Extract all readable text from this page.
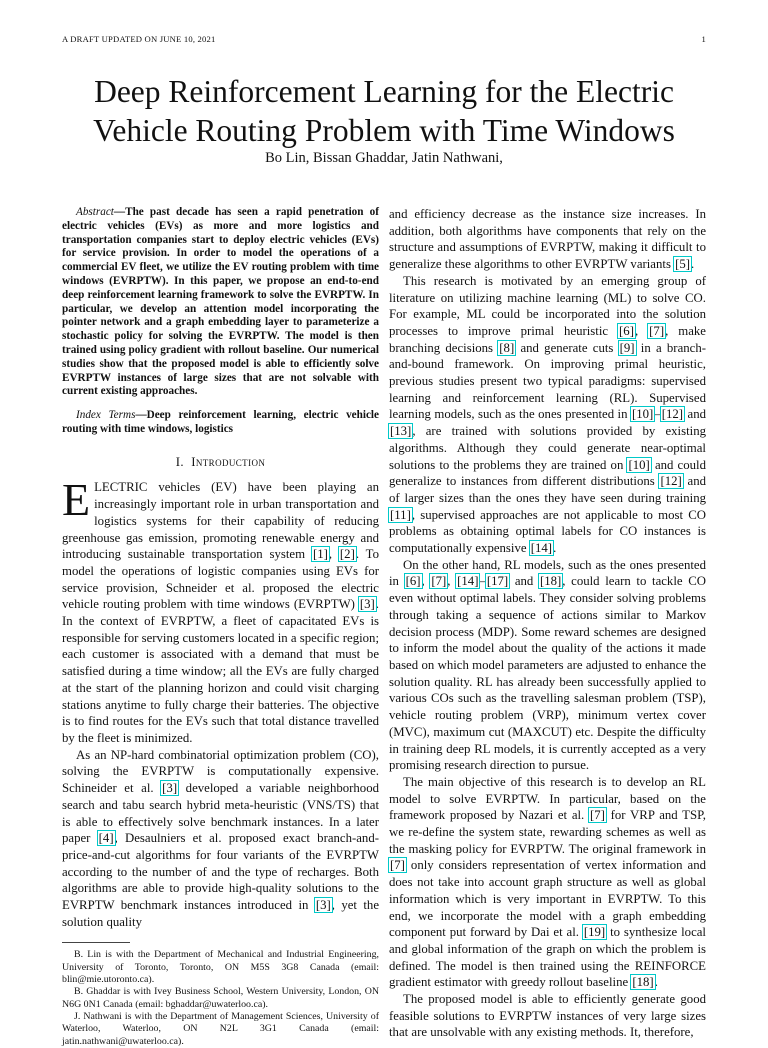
A DRAFT UPDATED ON JUNE 10, 2021	1
Deep Reinforcement Learning for the Electric
Vehicle Routing Problem with Time Windows
Bo Lin, Bissan Ghaddar, Jatin Nathwani,

Abstract—The past decade has seen a rapid penetration of electric vehicles (EVs) as more and more logistics and transportation companies start to deploy electric vehicles (EVs) for service provision. In order to model the operations of a commercial EV fleet, we utilize the EV routing problem with time windows (EVRPTW). In this paper, we propose an end-to-end deep reinforcement learning framework to solve the EVRPTW. In particular, we develop an attention model incorporating the pointer network and a graph embedding layer to parameterize a stochastic policy for solving the EVRPTW. The model is then trained using policy gradient with rollout baseline. Our numerical studies show that the proposed model is able to efficiently solve EVRPTW instances of large sizes that are not solvable with current existing approaches.

Index Terms—Deep reinforcement learning, electric vehicle routing with time windows, logistics

I. Introduction

ELECTRIC vehicles (EV) have been playing an increasingly important role in urban transportation and logistics systems for their capability of reducing greenhouse gas emission, promoting renewable energy and introducing sustainable transportation system [1], [2]. To model the operations of logistic companies using EVs for service provision, Schneider et al. proposed the electric vehicle routing problem with time windows (EVRPTW) [3]. In the context of EVRPTW, a fleet of capacitated EVs is responsible for serving customers located in a specific region; each customer is associated with a demand that must be satisfied during a time window; all the EVs are fully charged at the start of the planning horizon and could visit charging stations anytime to fully charge their batteries. The objective is to find routes for the EVs such that total distance travelled by the fleet is minimized.

As an NP-hard combinatorial optimization problem (CO), solving the EVRPTW is computationally expensive. Schineider et al. [3] developed a variable neighborhood search and tabu search hybrid meta-heuristic (VNS/TS) that is able to effectively solve benchmark instances. In a later paper [4], Desaulniers et al. proposed exact branch-and-price-and-cut algorithms for four variants of the EVRPTW according to the number of and the type of recharges. Both algorithms are able to provide high-quality solutions to the EVRPTW benchmark instances introduced in [3], yet the solution quality

B. Lin is with the Department of Mechanical and Industrial Engineering, University of Toronto, Toronto, ON M5S 3G8 Canada (email: blin@mie.utoronto.ca).

B. Ghaddar is with Ivey Business School, Western University, London, ON N6G 0N1 Canada (email: bghaddar@uwaterloo.ca).

J. Nathwani is with the Department of Management Sciences, University of Waterloo, Waterloo, ON N2L 3G1 Canada (email: jatin.nathwani@uwaterloo.ca).

and efficiency decrease as the instance size increases. In addition, both algorithms have components that rely on the structure and assumptions of EVRPTW, making it difficult to generalize these algorithms to other EVRPTW variants [5].

This research is motivated by an emerging group of literature on utilizing machine learning (ML) to solve CO. For example, ML could be incorporated into the solution processes to improve primal heuristic [6], [7], make branching decisions [8] and generate cuts [9] in a branch-and-bound framework. On improving primal heuristic, previous studies present two typical paradigms: supervised learning and reinforcement learning (RL). Supervised learning models, such as the ones presented in [10]–[12] and [13], are trained with solutions provided by existing algorithms. Although they could generate near-optimal solutions to the problems they are trained on [10] and could generalize to instances from different distributions [12] and of larger sizes than the ones they have seen during training [11], supervised approaches are not applicable to most CO problems as obtaining optimal labels for CO instances is computationally expensive [14].

On the other hand, RL models, such as the ones presented in [6], [7], [14]–[17] and [18], could learn to tackle CO even without optimal labels. They consider solving problems through taking a sequence of actions similar to Markov decision process (MDP). Some reward schemes are designed to inform the model about the quality of the actions it made based on which model parameters are adjusted to enhance the solution quality. RL has already been successfully applied to various COs such as the travelling salesman problem (TSP), vehicle routing problem (VRP), minimum vertex cover (MVC), maximum cut (MAXCUT) etc. Despite the difficulty in training deep RL models, it is currently accepted as a very promising research direction to pursue.

The main objective of this research is to develop an RL model to solve EVRPTW. In particular, based on the framework proposed by Nazari et al. [7] for VRP and TSP, we re-define the system state, rewarding schemes as well as the masking policy for EVRPTW. The original framework in [7] only considers representation of vertex information and does not take into account graph structure as well as global information which is very important in EVRPTW. To this end, we incorporate the model with a graph embedding component put forward by Dai et al. [19] to synthesize local and global information of the graph on which the problem is defined. The model is then trained using the REINFORCE gradient estimator with greedy rollout baseline [18].

The proposed model is able to efficiently generate good feasible solutions to EVRPTW instances of very large sizes that are unsolvable with any existing methods. It, therefore,
